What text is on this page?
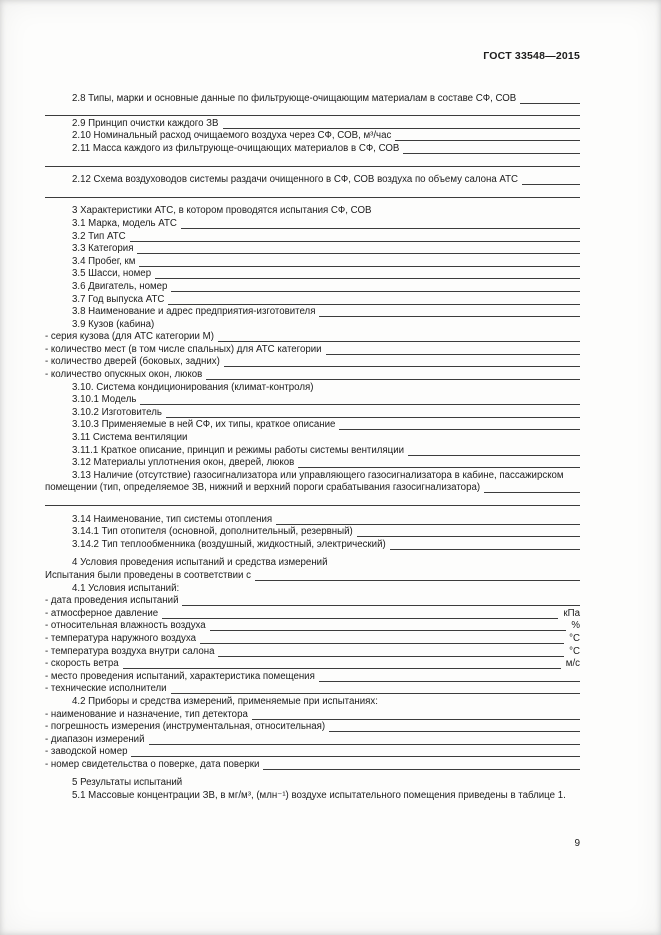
ГОСТ 33548—2015
2.8 Типы, марки и основные данные по фильтрующе-очищающим материалам в составе СФ, СОВ
2.9 Принцип очистки каждого ЗВ
2.10 Номинальный расход очищаемого воздуха через СФ, СОВ, м³/час
2.11 Масса каждого из фильтрующе-очищающих материалов в СФ, СОВ
2.12 Схема воздуховодов системы раздачи очищенного в СФ, СОВ воздуха по объему салона АТС
3 Характеристики АТС, в котором проводятся испытания СФ, СОВ
3.1 Марка, модель АТС
3.2 Тип АТС
3.3 Категория
3.4 Пробег, км
3.5 Шасси, номер
3.6 Двигатель, номер
3.7 Год выпуска АТС
3.8 Наименование и адрес предприятия-изготовителя
3.9 Кузов (кабина)
- серия кузова (для АТС категории М)
- количество мест (в том числе спальных) для АТС категории
- количество дверей (боковых, задних)
- количество опускных окон, люков
3.10. Система кондиционирования (климат-контроля)
3.10.1 Модель
3.10.2 Изготовитель
3.10.3 Применяемые в ней СФ, их типы, краткое описание
3.11 Система вентиляции
3.11.1 Краткое описание, принцип и режимы работы системы вентиляции
3.12 Материалы уплотнения окон, дверей, люков
3.13 Наличие (отсутствие) газосигнализатора или управляющего газосигнализатора в кабине, пассажирском
помещении (тип, определяемое ЗВ, нижний и верхний пороги срабатывания газосигнализатора)
3.14 Наименование, тип системы отопления
3.14.1 Тип отопителя (основной, дополнительный, резервный)
3.14.2 Тип теплообменника (воздушный, жидкостный, электрический)
4 Условия проведения испытаний и средства измерений
Испытания были проведены в соответствии с
4.1 Условия испытаний:
- дата проведения испытаний
- атмосферное давление	кПа
- относительная влажность воздуха	%
- температура наружного воздуха	°С
- температура воздуха внутри салона	°С
- скорость ветра	м/с
- место проведения испытаний, характеристика помещения
- технические исполнители
4.2 Приборы и средства измерений, применяемые при испытаниях:
- наименование и назначение, тип детектора
- погрешность измерения (инструментальная, относительная)
- диапазон измерений
- заводской номер
- номер свидетельства о поверке, дата поверки
5 Результаты испытаний
5.1 Массовые концентрации ЗВ, в мг/м³, (млн⁻¹) воздухе испытательного помещения приведены в таблице 1.
9
